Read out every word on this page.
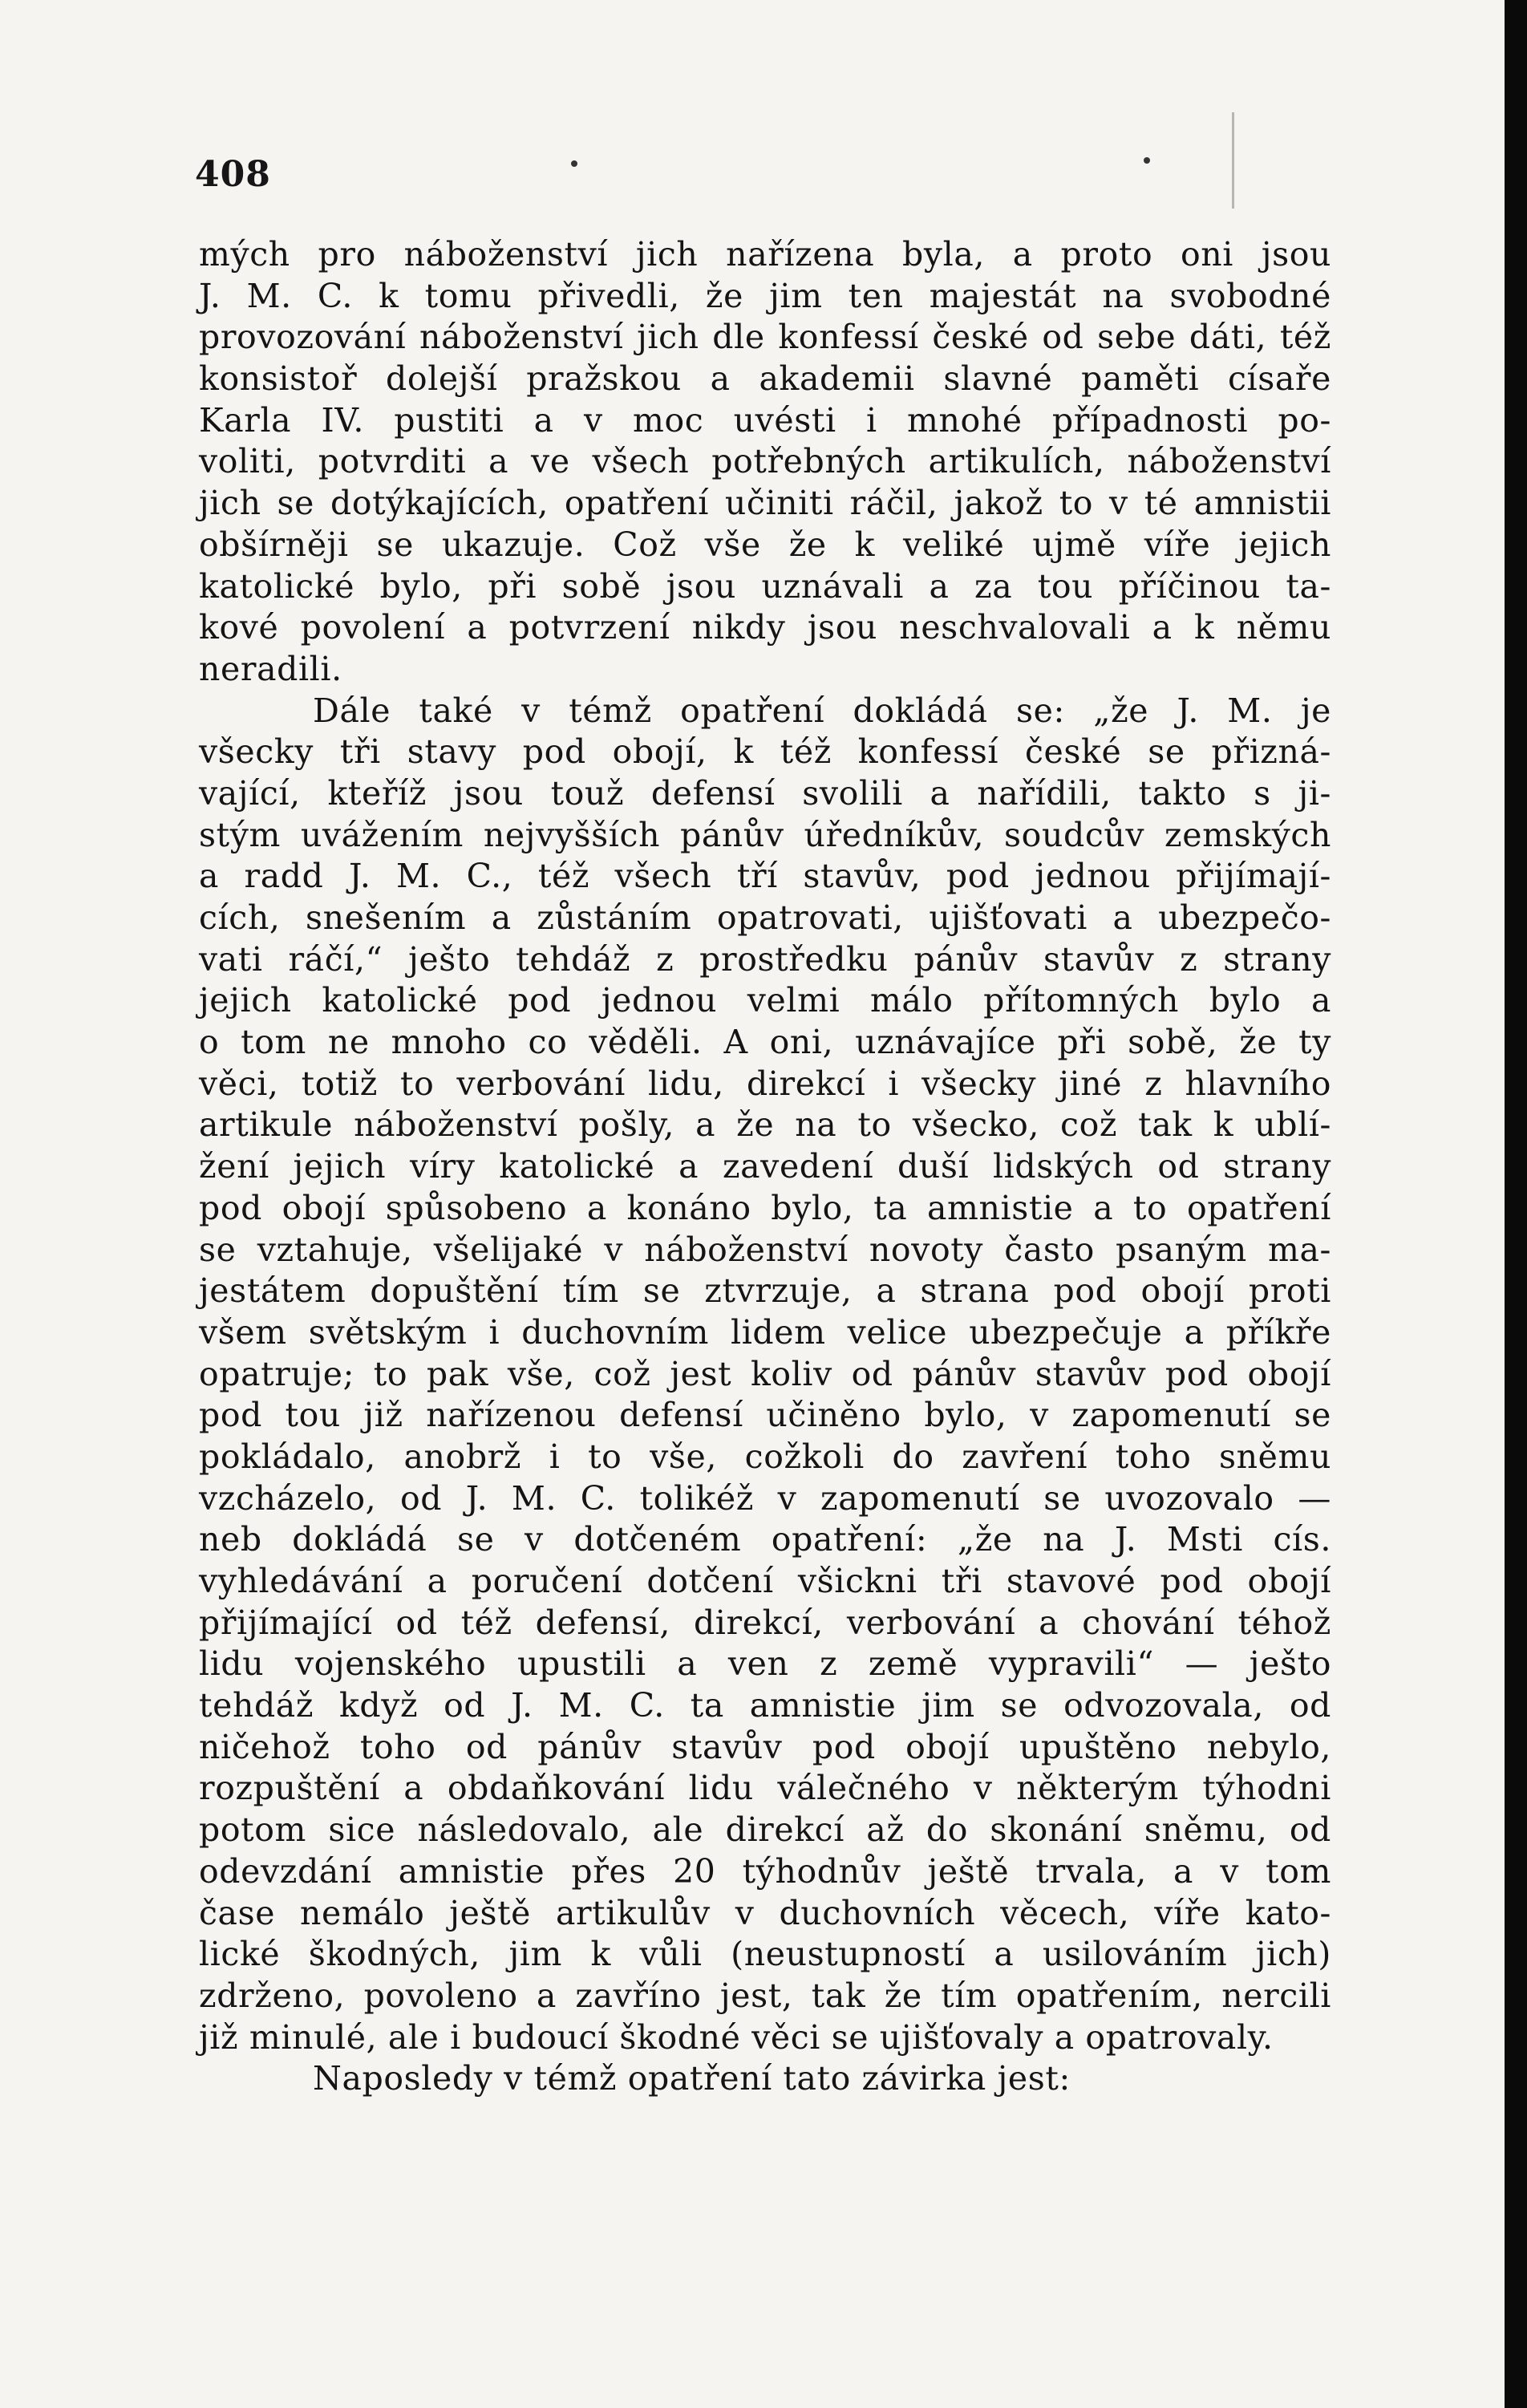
408
mých pro náboženství jich nařízena byla, a proto oni jsou
J. M. C. k tomu přivedli, že jim ten majestát na svobodné
provozování náboženství jich dle konfessí české od sebe dáti, též
konsistoř dolejší pražskou a akademii slavné paměti císaře
Karla IV. pustiti a v moc uvésti i mnohé případnosti po-
voliti, potvrditi a ve všech potřebných artikulích, náboženství
jich se dotýkajících, opatření učiniti ráčil, jakož to v té amnistii
obšírněji se ukazuje. Což vše že k veliké ujmě víře jejich
katolické bylo, při sobě jsou uznávali a za tou příčinou ta-
kové povolení a potvrzení nikdy jsou neschvalovali a k němu
neradili.
Dále také v témž opatření dokládá se: „že J. M. je
všecky tři stavy pod obojí, k též konfessí české se přizná-
vající, kteříž jsou touž defensí svolili a nařídili, takto s ji-
stým uvážením nejvyšších pánův úředníkův, soudcův zemských
a radd J. M. C., též všech tří stavův, pod jednou přijímají-
cích, snešením a zůstáním opatrovati, ujišťovati a ubezpečo-
vati ráčí,“ ješto tehdáž z prostředku pánův stavův z strany
jejich katolické pod jednou velmi málo přítomných bylo a
o tom ne mnoho co věděli. A oni, uznávajíce při sobě, že ty
věci, totiž to verbování lidu, direkcí i všecky jiné z hlavního
artikule náboženství pošly, a že na to všecko, což tak k ublí-
žení jejich víry katolické a zavedení duší lidských od strany
pod obojí spůsobeno a konáno bylo, ta amnistie a to opatření
se vztahuje, všelijaké v náboženství novoty často psaným ma-
jestátem dopuštění tím se ztvrzuje, a strana pod obojí proti
všem světským i duchovním lidem velice ubezpečuje a příkře
opatruje; to pak vše, což jest koliv od pánův stavův pod obojí
pod tou již nařízenou defensí učiněno bylo, v zapomenutí se
pokládalo, anobrž i to vše, cožkoli do zavření toho sněmu
vzcházelo, od J. M. C. tolikéž v zapomenutí se uvozovalo —
neb dokládá se v dotčeném opatření: „že na J. Msti cís.
vyhledávání a poručení dotčení všickni tři stavové pod obojí
přijímající od též defensí, direkcí, verbování a chování téhož
lidu vojenského upustili a ven z země vypravili“ — ješto
tehdáž když od J. M. C. ta amnistie jim se odvozovala, od
ničehož toho od pánův stavův pod obojí upuštěno nebylo,
rozpuštění a obdaňkování lidu válečného v některým týhodni
potom sice následovalo, ale direkcí až do skonání sněmu, od
odevzdání amnistie přes 20 týhodnův ještě trvala, a v tom
čase nemálo ještě artikulův v duchovních věcech, víře kato-
lické škodných, jim k vůli (neustupností a usilováním jich)
zdrženo, povoleno a zavříno jest, tak že tím opatřením, nercili
již minulé, ale i budoucí škodné věci se ujišťovaly a opatrovaly.
Naposledy v témž opatření tato závirka jest:
